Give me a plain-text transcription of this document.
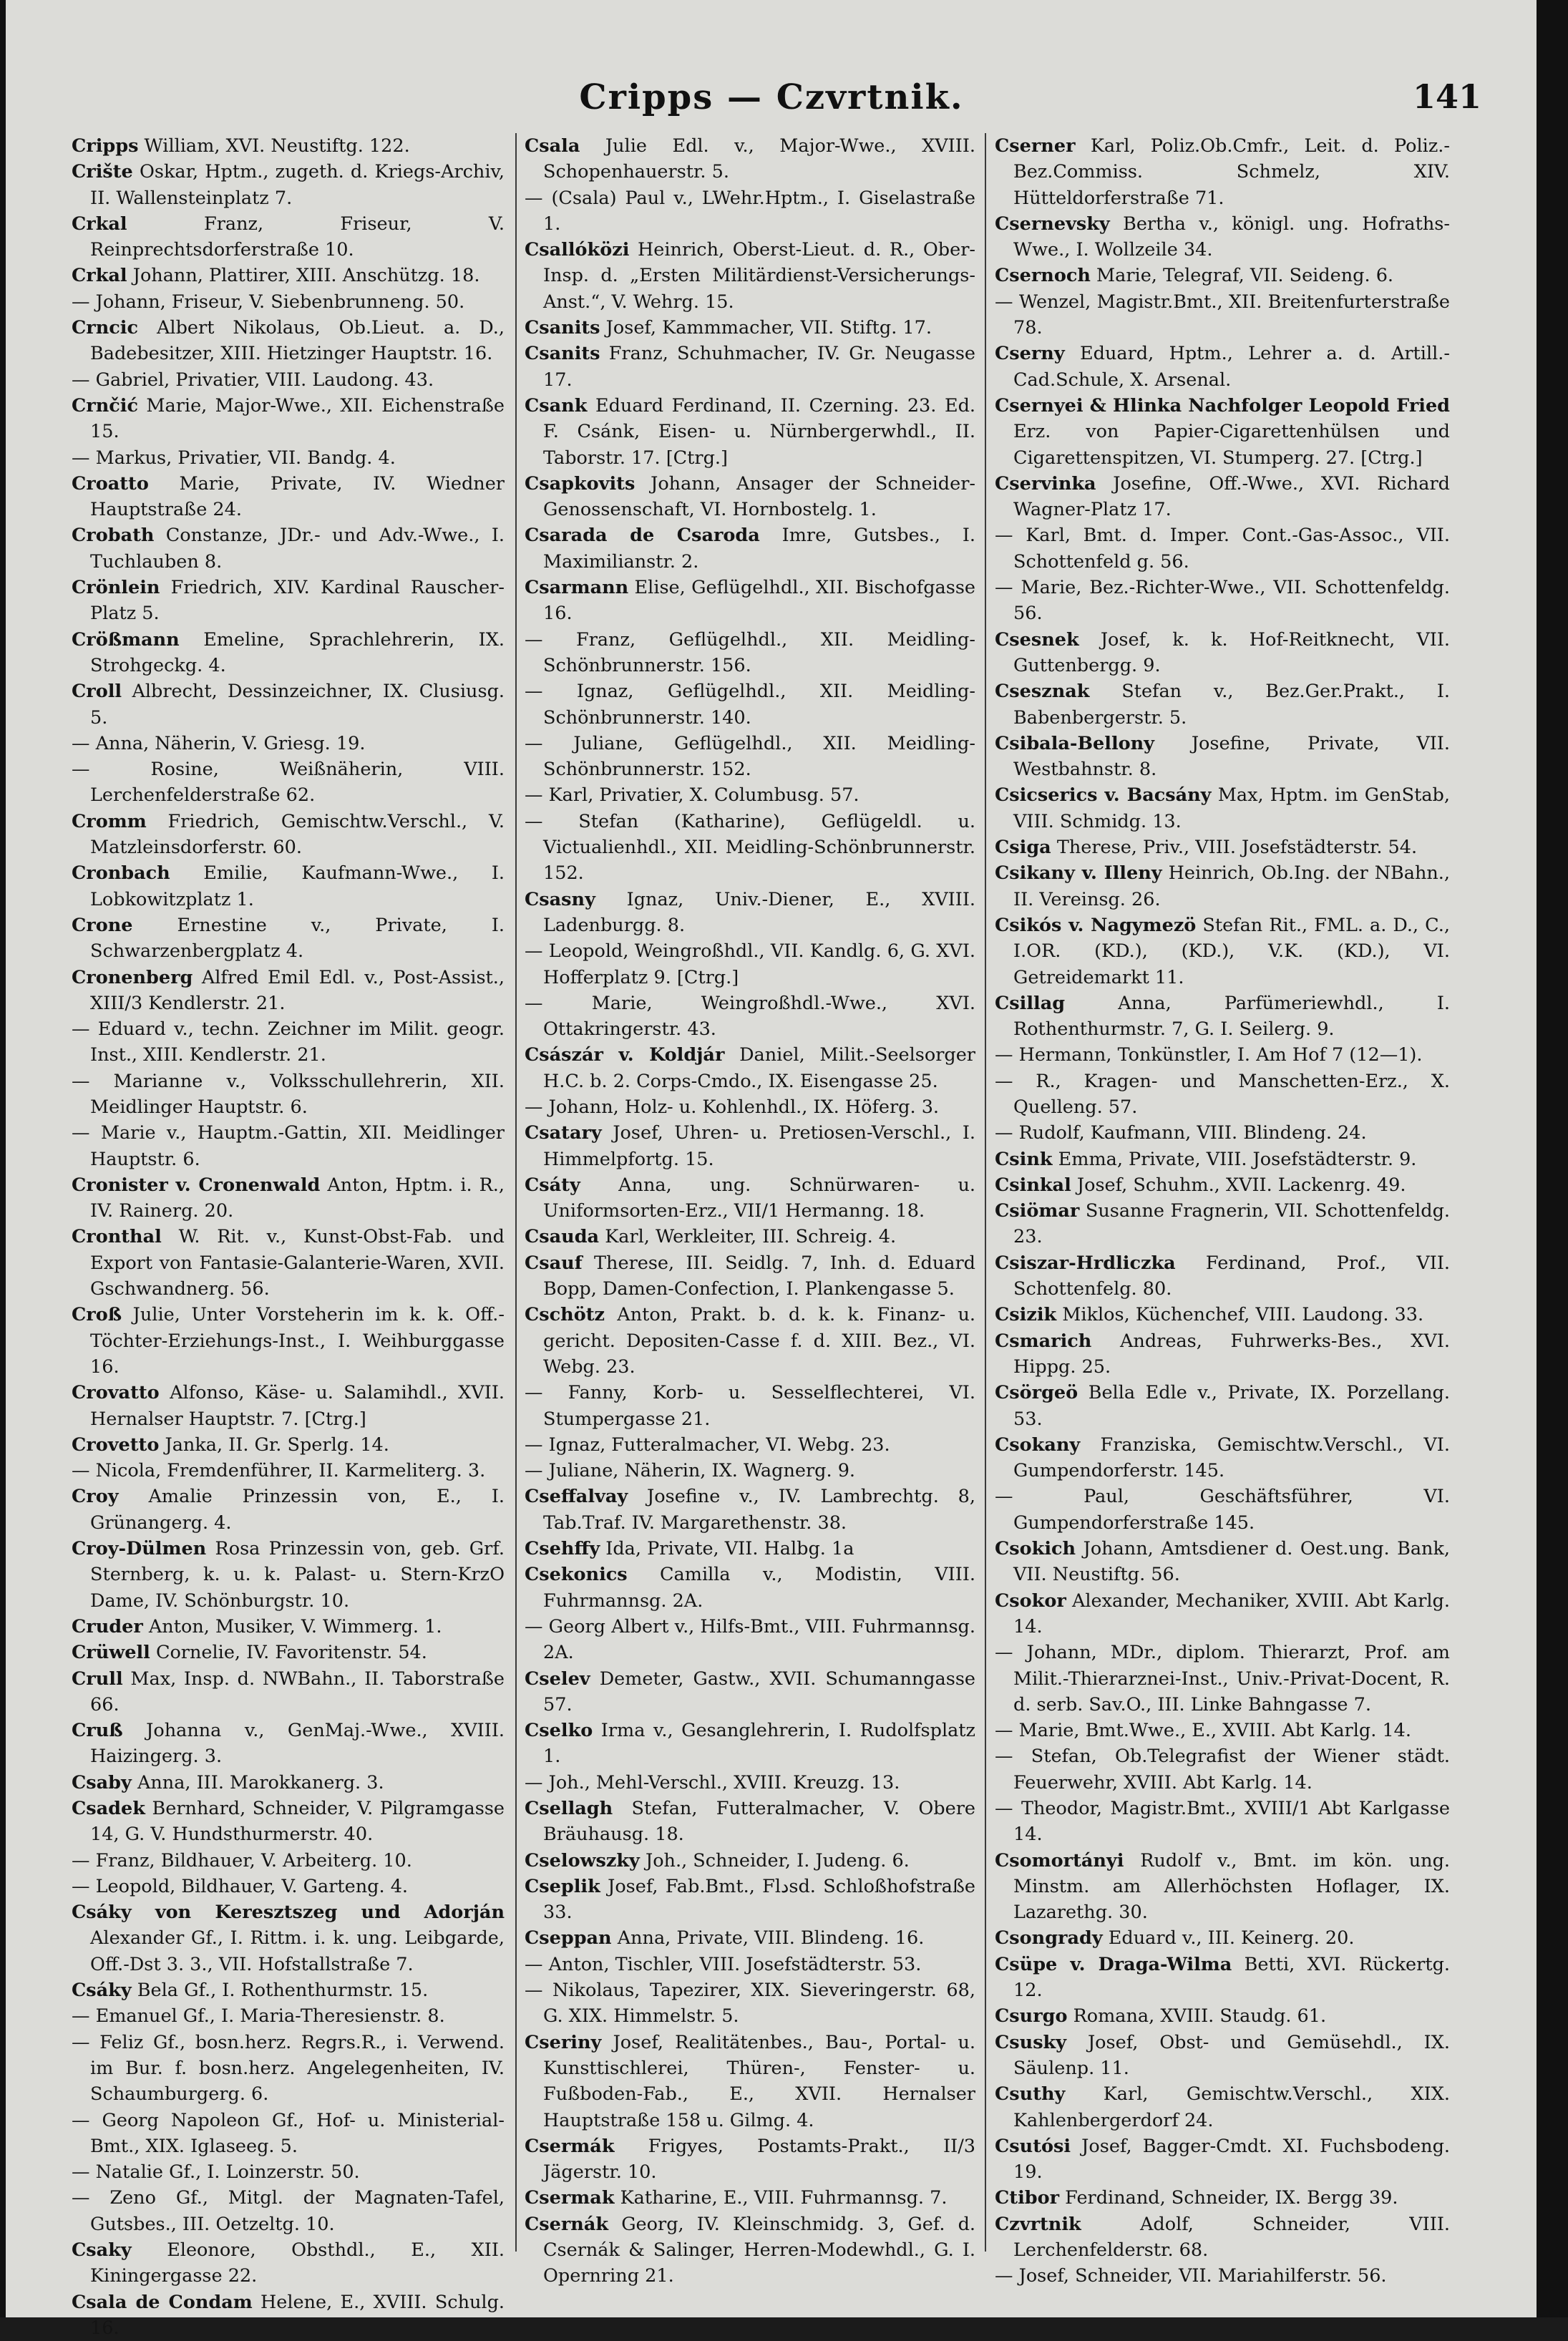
Cripps — Czvrtnik.	141

Cripps William, XVI. Neustiftg. 122.

Crište Oskar, Hptm., zugeth. d. Kriegs-Archiv, II. Wallensteinplatz 7.

Crkal	Franz, Friseur, V. Reinprechtsdorferstraße 10.

Crkal Johann, Plattirer, XIII. Anschützg. 18.

— Johann, Friseur, V. Siebenbrunneng. 50.

Crncic Albert Nikolaus, Ob.Lieut. a. D., Badebesitzer, XIII. Hietzinger Hauptstr. 16.

— Gabriel, Privatier, VIII. Laudong. 43.

Crnčić Marie, Major-Wwe., XII. Eichenstraße 15.

— Markus, Privatier, VII. Bandg. 4.

Croatto Marie, Private, IV. Wiedner Hauptstraße 24.

Crobath Constanze, JDr.- und Adv.-Wwe., I. Tuchlauben 8.

Crönlein Friedrich, XIV. Kardinal Rauscher-Platz 5.

Crößmann Emeline, Sprachlehrerin, IX. Strohgeckg. 4.

Croll Albrecht, Dessinzeichner, IX. Clusiusg. 5.

— Anna, Näherin, V. Griesg. 19.

— Rosine, Weißnäherin, VIII. Lerchenfelderstraße 62.

Cromm Friedrich, Gemischtw.Verschl., V. Matzleinsdorferstr. 60.

Cronbach Emilie, Kaufmann-Wwe., I. Lobkowitzplatz 1.

Crone Ernestine v., Private, I. Schwarzenbergplatz 4.

Cronenberg Alfred Emil Edl. v., Post-Assist., XIII/3 Kendlerstr. 21.

— Eduard v., techn. Zeichner im Milit. geogr. Inst., XIII. Kendlerstr. 21.

— Marianne v., Volksschullehrerin, XII. Meidlinger Hauptstr. 6.

— Marie v., Hauptm.-Gattin, XII. Meidlinger Hauptstr. 6.

Cronister v. Cronenwald Anton, Hptm. i. R., IV. Rainerg. 20.

Cronthal W. Rit. v., Kunst-Obst-Fab. und Export von Fantasie-Galanterie-Waren, XVII. Gschwandnerg. 56.

Croß Julie, Unter Vorsteherin im k. k. Off.-Töchter-Erziehungs-Inst., I. Weihburggasse 16.

Crovatto Alfonso, Käse- u. Salamihdl., XVII. Hernalser Hauptstr. 7. [Ctrg.]

Crovetto Janka, II. Gr. Sperlg. 14.

— Nicola, Fremdenführer, II. Karmeliterg. 3.

Croy Amalie Prinzessin von, E., I. Grünangerg. 4.

Croy-Dülmen Rosa Prinzessin von, geb. Grf. Sternberg, k. u. k. Palast- u. Stern-KrzO Dame, IV. Schönburgstr. 10.

Cruder Anton, Musiker, V. Wimmerg. 1.

Crüwell Cornelie, IV. Favoritenstr. 54.

Crull Max, Insp. d. NWBahn., II. Taborstraße 66.

Cruß Johanna v., GenMaj.-Wwe., XVIII. Haizingerg. 3.

Csaby Anna, III. Marokkanerg. 3.

Csadek Bernhard, Schneider, V. Pilgramgasse 14, G. V. Hundsthurmerstr. 40.

— Franz, Bildhauer, V. Arbeiterg. 10.

— Leopold, Bildhauer, V. Garteng. 4.

Csáky von Keresztszeg und Adorján Alexander Gf., I. Rittm. i. k. ung. Leibgarde, Off.-Dst 3. 3., VII. Hofstallstraße 7.

Csáky Bela Gf., I. Rothenthurmstr. 15.

— Emanuel Gf., I. Maria-Theresienstr. 8.

— Feliz Gf., bosn.herz. Regrs.R., i. Verwend. im Bur. f. bosn.herz. Angelegenheiten, IV. Schaumburgerg. 6.

— Georg Napoleon Gf., Hof- u. Ministerial-Bmt., XIX. Iglaseeg. 5.

— Natalie Gf., I. Loinzerstr. 50.

— Zeno Gf., Mitgl. der Magnaten-Tafel, Gutsbes., III. Oetzeltg. 10.

Csaky Eleonore, Obsthdl., E., XII. Kiningergasse 22.

Csala de Condam Helene, E., XVIII. Schulg. 16.

Csala Julie Edl. v., Major-Wwe., XVIII. Schopenhauerstr. 5.

— (Csala) Paul v., LWehr.Hptm., I. Giselastraße 1.

Csallóközi Heinrich, Oberst-Lieut. d. R., Ober-Insp. d. „Ersten Militärdienst-Versicherungs-Anst.“, V. Wehrg. 15.

Csanits Josef, Kammmacher, VII. Stiftg. 17.

Csanits Franz, Schuhmacher, IV. Gr. Neugasse 17.

Csank Eduard Ferdinand, II. Czerning. 23. Ed. F. Csánk, Eisen- u. Nürnbergerwhdl., II. Taborstr. 17. [Ctrg.]

Csapkovits Johann, Ansager der Schneider-Genossenschaft, VI. Hornbostelg. 1.

Csarada de Csaroda Imre, Gutsbes., I. Maximilianstr. 2.

Csarmann Elise, Geflügelhdl., XII. Bischofgasse 16.

— Franz, Geflügelhdl., XII. Meidling-Schönbrunnerstr. 156.

— Ignaz, Geflügelhdl., XII. Meidling-Schönbrunnerstr. 140.

— Juliane, Geflügelhdl., XII. Meidling-Schönbrunnerstr. 152.

— Karl, Privatier, X. Columbusg. 57.

— Stefan (Katharine), Geflügeldl. u. Victualienhdl., XII. Meidling-Schönbrunnerstr. 152.

Csasny Ignaz, Univ.-Diener, E., XVIII. Ladenburgg. 8.

— Leopold, Weingroßhdl., VII. Kandlg. 6, G. XVI. Hofferplatz 9. [Ctrg.]

— Marie, Weingroßhdl.-Wwe., XVI. Ottakringerstr. 43.

Császár v. Koldjár Daniel, Milit.-Seelsorger H.C. b. 2. Corps-Cmdo., IX. Eisengasse 25.

— Johann, Holz- u. Kohlenhdl., IX. Höferg. 3.

Csatary Josef, Uhren- u. Pretiosen-Verschl., I. Himmelpfortg. 15.

Csáty Anna, ung. Schnürwaren- u. Uniformsorten-Erz., VII/1 Hermanng. 18.

Csauda Karl, Werkleiter, III. Schreig. 4.

Csauf Therese, III. Seidlg. 7, Inh. d. Eduard Bopp, Damen-Confection, I. Plankengasse 5.

Cschötz Anton, Prakt. b. d. k. k. Finanz- u. gericht. Depositen-Casse f. d. XIII. Bez., VI. Webg. 23.

— Fanny, Korb- u. Sesselflechterei, VI. Stumpergasse 21.

— Ignaz, Futteralmacher, VI. Webg. 23.

— Juliane, Näherin, IX. Wagnerg. 9.

Cseffalvay Josefine v., IV. Lambrechtg. 8, Tab.Traf. IV. Margarethenstr. 38.

Csehffy Ida, Private, VII. Halbg. 1a

Csekonics Camilla v., Modistin, VIII. Fuhrmannsg. 2A.

— Georg Albert v., Hilfs-Bmt., VIII. Fuhrmannsg. 2A.

Cselev Demeter, Gastw., XVII. Schumanngasse 57.

Cselko Irma v., Gesanglehrerin, I. Rudolfsplatz 1.

— Joh., Mehl-Verschl., XVIII. Kreuzg. 13.

Csellagh Stefan, Futteralmacher, V. Obere Bräuhausg. 18.

Cselowszky Joh., Schneider, I. Judeng. 6.

Cseplik Josef, Fab.Bmt., Flدsd. Schloßhofstraße 33.

Cseppan Anna, Private, VIII. Blindeng. 16.

— Anton, Tischler, VIII. Josefstädterstr. 53.

— Nikolaus, Tapezirer, XIX. Sieveringerstr. 68, G. XIX. Himmelstr. 5.

Cseriny Josef, Realitätenbes., Bau-, Portal- u. Kunsttischlerei, Thüren-, Fenster- u. Fußboden-Fab., E., XVII. Hernalser Hauptstraße 158 u. Gilmg. 4.

Csermák Frigyes, Postamts-Prakt., II/3 Jägerstr. 10.

Csermak Katharine, E., VIII. Fuhrmannsg. 7.

Csernák Georg, IV. Kleinschmidg. 3, Gef. d. Csernák & Salinger, Herren-Modewhdl., G. I. Opernring 21.

Cserner Karl, Poliz.Ob.Cmfr., Leit. d. Poliz.-Bez.Commiss. Schmelz, XIV. Hütteldorferstraße 71.

Csernevsky Bertha v., königl. ung. Hofraths-Wwe., I. Wollzeile 34.

Csernoch Marie, Telegraf, VII. Seideng. 6.

— Wenzel, Magistr.Bmt., XII. Breitenfurterstraße 78.

Cserny Eduard, Hptm., Lehrer a. d. Artill.-Cad.Schule, X. Arsenal.

Csernyei & Hlinka Nachfolger Leopold Fried Erz. von Papier-Cigarettenhülsen und Cigarettenspitzen, VI. Stumperg. 27. [Ctrg.]

Cservinka Josefine, Off.-Wwe., XVI. Richard Wagner-Platz 17.

— Karl, Bmt. d. Imper. Cont.-Gas-Assoc., VII. Schottenfeld g. 56.

— Marie, Bez.-Richter-Wwe., VII. Schottenfeldg. 56.

Csesnek Josef, k. k. Hof-Reitknecht, VII. Guttenbergg. 9.

Csesznak Stefan v., Bez.Ger.Prakt., I. Babenbergerstr. 5.

Csibala-Bellony Josefine, Private, VII. Westbahnstr. 8.

Csicserics v. Bacsány Max, Hptm. im GenStab, VIII. Schmidg. 13.

Csiga Therese, Priv., VIII. Josefstädterstr. 54.

Csikany v. Illeny Heinrich, Ob.Ing. der NBahn., II. Vereinsg. 26.

Csikós v. Nagymezö Stefan Rit., FML. a. D., C., I.OR. (KD.), (KD.), V.K. (KD.), VI. Getreidemarkt 11.

Csillag	Anna, Parfümeriewhdl., I. Rothenthurmstr. 7, G. I. Seilerg. 9.

— Hermann, Tonkünstler, I. Am Hof 7 (12—1).

— R., Kragen- und Manschetten-Erz., X. Quelleng. 57.

— Rudolf, Kaufmann, VIII. Blindeng. 24.

Csink Emma, Private, VIII. Josefstädterstr. 9.

Csinkal Josef, Schuhm., XVII. Lackenrg. 49.

Csiömar Susanne Fragnerin, VII. Schottenfeldg. 23.

Csiszar-Hrdliczka Ferdinand, Prof., VII. Schottenfelg. 80.

Csizik Miklos, Küchenchef, VIII. Laudong. 33.

Csmarich Andreas, Fuhrwerks-Bes., XVI. Hippg. 25.

Csörgeö Bella Edle v., Private, IX. Porzellang. 53.

Csokany Franziska, Gemischtw.Verschl., VI. Gumpendorferstr. 145.

— Paul, Geschäftsführer, VI. Gumpendorferstraße 145.

Csokich Johann, Amtsdiener d. Oest.ung. Bank, VII. Neustiftg. 56.

Csokor Alexander, Mechaniker, XVIII. Abt Karlg. 14.

— Johann, MDr., diplom. Thierarzt, Prof. am Milit.-Thierarznei-Inst., Univ.-Privat-Docent, R. d. serb. Sav.O., III. Linke Bahngasse 7.

— Marie, Bmt.Wwe., E., XVIII. Abt Karlg. 14.

— Stefan, Ob.Telegrafist der Wiener städt. Feuerwehr, XVIII. Abt Karlg. 14.

— Theodor, Magistr.Bmt., XVIII/1 Abt Karlgasse 14.

Csomortányi Rudolf v., Bmt. im kön. ung. Minstm. am Allerhöchsten Hoflager, IX. Lazarethg. 30.

Csongrady Eduard v., III. Keinerg. 20.

Csüpe v. Draga-Wilma Betti, XVI. Rückertg. 12.

Csurgo Romana, XVIII. Staudg. 61.

Csusky Josef, Obst- und Gemüsehdl., IX. Säulenp. 11.

Csuthy Karl, Gemischtw.Verschl., XIX. Kahlenbergerdorf 24.

Csutósi Josef, Bagger-Cmdt. XI. Fuchsbodeng. 19.

Ctibor Ferdinand, Schneider, IX. Bergg 39.

Czvrtnik	Adolf, Schneider, VIII. Lerchenfelderstr. 68.

— Josef, Schneider, VII. Mariahilferstr. 56.
